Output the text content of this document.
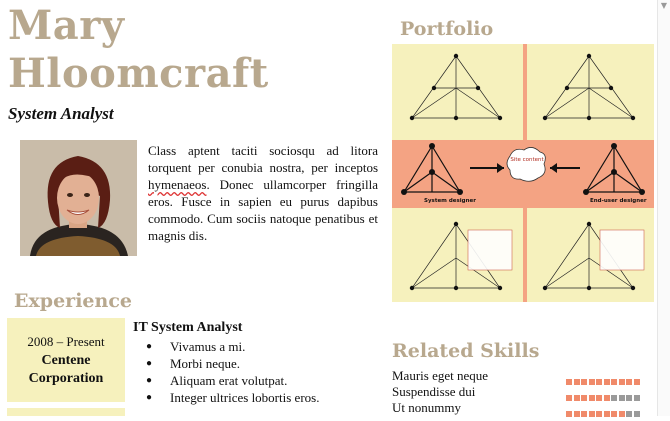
▼
Mary
Hloomcraft
System Analyst
Class aptent taciti sociosqu ad litora torquent per conubia nostra, per inceptos hymenaeos. Donec ullamcorper fringilla eros. Fusce in sapien eu purus dapibus commodo. Cum sociis natoque penatibus et magnis dis.
Portfolio
Site content
System designer	End-user designer
Experience
2008 – Present
Centene
Corporation
IT System Analyst
● Vivamus a mi.
● Morbi neque.
● Aliquam erat volutpat.
● Integer ultrices lobortis eros.
Related Skills
Mauris eget neque
Suspendisse dui
Ut nonummy
